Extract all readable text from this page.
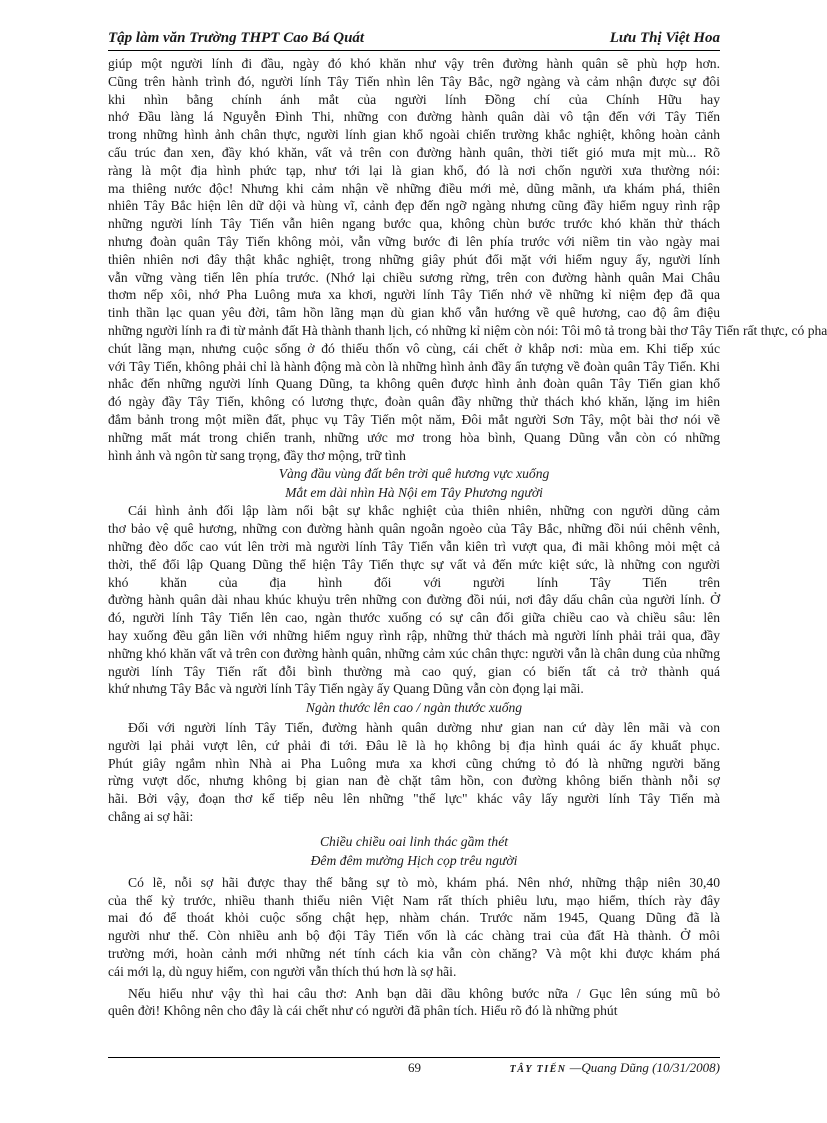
Tập làm văn Trường THPT Cao Bá Quát	Lưu Thị Việt Hoa
giúp một người lính đi đầu, ngày đó khó khăn như vậy trên đường hành quân sẽ phù hợp hơn.
Cũng trên hành trình đó, người lính Tây Tiến nhìn lên Tây Bắc, ngỡ ngàng và cảm nhận được sự đôi
khi nhìn bằng chính ánh mắt của người lính Đồng chí của Chính Hữu hay
nhớ Đầu làng lá Nguyễn Đình Thi, những con đường hành quân dài vô tận đến với Tây Tiến
trong những hình ảnh chân thực, người lính gian khổ ngoài chiến trường khắc nghiệt, không hoàn cảnh
cấu trúc đan xen, đầy khó khăn, vất vả trên con đường hành quân, thời tiết gió mưa mịt mù... Rõ
ràng là một địa hình phức tạp, như tới lại là gian khổ, đó là nơi chốn người xưa thường nói:
ma thiêng nước độc! Nhưng khi cảm nhận về những điều mới mẻ, dũng mãnh, ưa khám phá, thiên
nhiên Tây Bắc hiện lên dữ dội và hùng vĩ, cảnh đẹp đến ngỡ ngàng nhưng cũng đầy hiểm nguy rình rập
những người lính Tây Tiến vẫn hiên ngang bước qua, không chùn bước trước khó khăn thử thách
nhưng đoàn quân Tây Tiến không mỏi, vẫn vững bước đi lên phía trước với niềm tin vào ngày mai
thiên nhiên nơi đây thật khắc nghiệt, trong những giây phút đối mặt với hiểm nguy ấy, người lính
vẫn vững vàng tiến lên phía trước. (Nhớ lại chiều sương rừng, trên con đường hành quân Mai Châu
thơm nếp xôi, nhớ Pha Luông mưa xa khơi, người lính Tây Tiến nhớ về những kỉ niệm đẹp đã qua
tinh thần lạc quan yêu đời, tâm hồn lãng mạn dù gian khổ vẫn hướng về quê hương, cao độ âm điệu
những người lính ra đi từ mảnh đất Hà thành thanh lịch, có những kỉ niệm còn nói: Tôi mô tả trong bài thơ Tây Tiến rất thực, có pha
chút lãng mạn, nhưng cuộc sống ở đó thiếu thốn vô cùng, cái chết ở khắp nơi: mùa em. Khi tiếp xúc
với Tây Tiến, không phải chỉ là hành động mà còn là những hình ảnh đầy ấn tượng về đoàn quân Tây Tiến. Khi
nhắc đến những người lính Quang Dũng, ta không quên được hình ảnh đoàn quân Tây Tiến gian khổ
đó ngày đầy Tây Tiến, không có lương thực, đoàn quân đầy những thử thách khó khăn, lặng im hiên
đắm bảnh trong một miền đất, phục vụ Tây Tiến một năm, Đôi mắt người Sơn Tây, một bài thơ nói về
những mất mát trong chiến tranh, những ước mơ trong hòa bình, Quang Dũng vẫn còn có những
hình ảnh và ngôn từ sang trọng, đầy thơ mộng, trữ tình
Vàng đầu vùng đất bên trời quê hương vực xuống
Mắt em dài nhìn Hà Nội em Tây Phương người
Cái hình ảnh đối lập làm nổi bật sự khắc nghiệt của thiên nhiên, những con người dũng cảm
thơ bảo vệ quê hương, những con đường hành quân ngoằn ngoèo của Tây Bắc, những đồi núi chênh vênh,
những đèo dốc cao vút lên trời mà người lính Tây Tiến vẫn kiên trì vượt qua, đi mãi không mỏi mệt cả
thời, thế đối lập Quang Dũng thể hiện Tây Tiến thực sự vất vả đến mức kiệt sức, là những con người
khó khăn của địa hình đối với người lính Tây Tiến trên
đường hành quân dài nhau khúc khuỷu trên những con đường đồi núi, nơi đây dấu chân của người lính. Ở
đó, người lính Tây Tiến lên cao, ngàn thước xuống có sự cân đối giữa chiều cao và chiều sâu: lên
hay xuống đều gắn liền với những hiểm nguy rình rập, những thử thách mà người lính phải trải qua, đầy
những khó khăn vất vả trên con đường hành quân, những cảm xúc chân thực: người vẫn là chân dung của những
người lính Tây Tiến rất đỗi bình thường mà cao quý, gian có biến tất cả trở thành quá
khứ nhưng Tây Bắc và người lính Tây Tiến ngày ấy Quang Dũng vẫn còn đọng lại mãi.
Ngàn thước lên cao / ngàn thước xuống
Đối với người lính Tây Tiến, đường hành quân dường như gian nan cứ dày lên mãi và con
người lại phải vượt lên, cứ phải đi tới. Đâu lẽ là họ không bị địa hình quái ác ấy khuất phục.
Phút giây ngắm nhìn Nhà ai Pha Luông mưa xa khơi cũng chứng tỏ đó là những người băng
rừng vượt dốc, nhưng không bị gian nan đè chặt tâm hồn, con đường không biến thành nỗi sợ
hãi. Bởi vậy, đoạn thơ kế tiếp nêu lên những "thế lực" khác vây lấy người lính Tây Tiến mà
chẳng ai sợ hãi:
Chiều chiều oai linh thác gầm thét
Đêm đêm mường Hịch cọp trêu người
Có lẽ, nỗi sợ hãi được thay thế bằng sự tò mò, khám phá. Nên nhớ, những thập niên 30,40
của thế kỷ trước, nhiều thanh thiếu niên Việt Nam rất thích phiêu lưu, mạo hiểm, thích rày đây
mai đó để thoát khỏi cuộc sống chật hẹp, nhàm chán. Trước năm 1945, Quang Dũng đã là
người như thế. Còn nhiều anh bộ đội Tây Tiến vốn là các chàng trai của đất Hà thành. Ở môi
trường mới, hoàn cảnh mới những nét tính cách kia vẫn còn chăng? Và một khi được khám phá
cái mới lạ, dù nguy hiểm, con người vẫn thích thú hơn là sợ hãi.
Nếu hiểu như vậy thì hai câu thơ: Anh bạn dãi dầu không bước nữa / Gục lên súng mũ bỏ
quên đời! Không nên cho đây là cái chết như có người đã phân tích. Hiểu rõ đó là những phút
69	TÂY TIẾN —Quang Dũng (10/31/2008)
